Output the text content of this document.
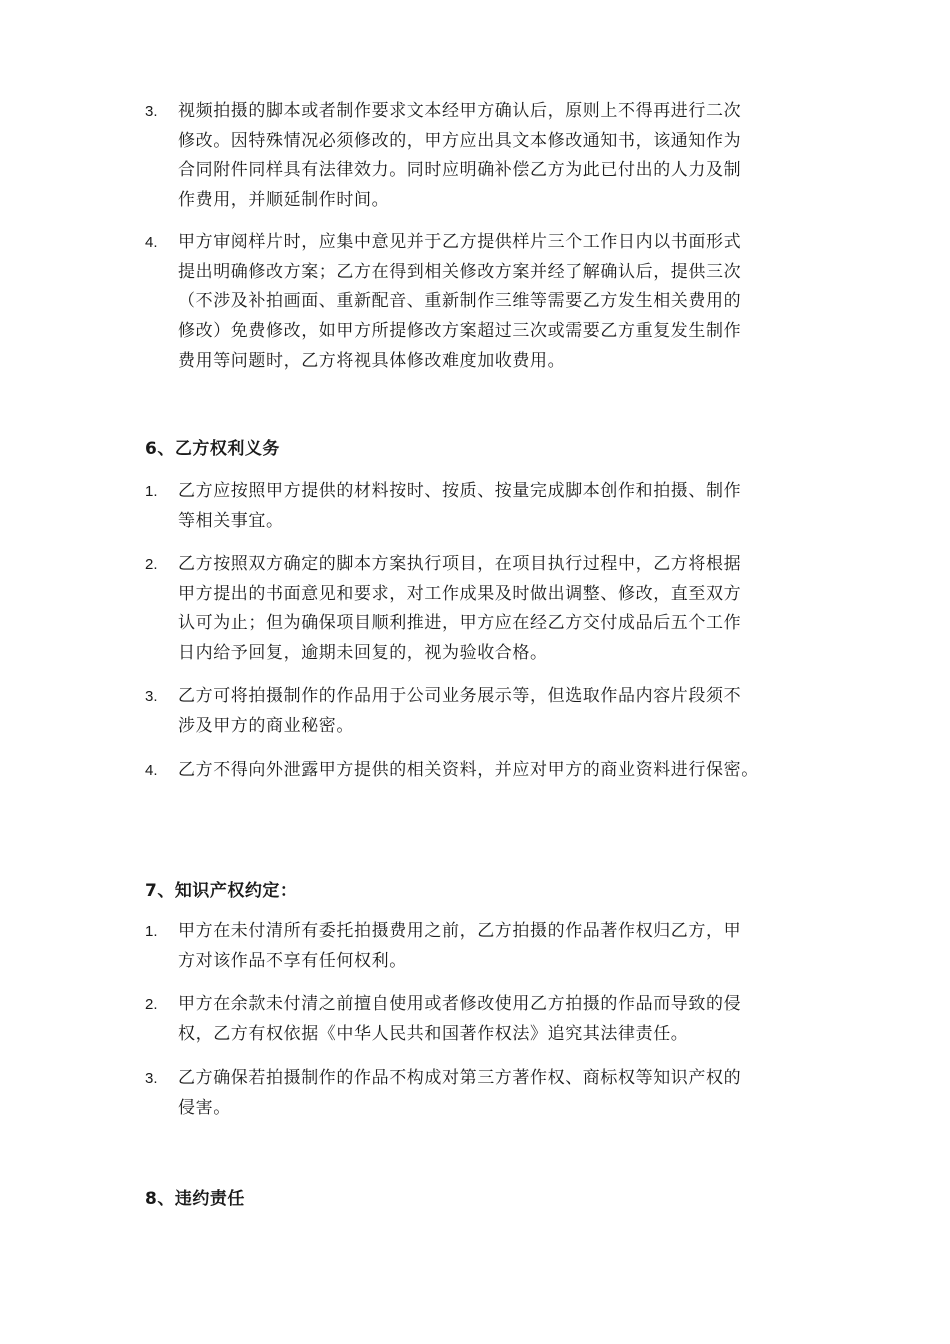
3. 视频拍摄的脚本或者制作要求文本经甲方确认后，原则上不得再进行二次
修改。因特殊情况必须修改的，甲方应出具文本修改通知书，该通知作为
合同附件同样具有法律效力。同时应明确补偿乙方为此已付出的人力及制
作费用，并顺延制作时间。
4. 甲方审阅样片时，应集中意见并于乙方提供样片三个工作日内以书面形式
提出明确修改方案；乙方在得到相关修改方案并经了解确认后，提供三次
（不涉及补拍画面、重新配音、重新制作三维等需要乙方发生相关费用的
修改）免费修改，如甲方所提修改方案超过三次或需要乙方重复发生制作
费用等问题时，乙方将视具体修改难度加收费用。
6、乙方权利义务
1. 乙方应按照甲方提供的材料按时、按质、按量完成脚本创作和拍摄、制作
等相关事宜。
2. 乙方按照双方确定的脚本方案执行项目，在项目执行过程中，乙方将根据
甲方提出的书面意见和要求，对工作成果及时做出调整、修改，直至双方
认可为止；但为确保项目顺利推进，甲方应在经乙方交付成品后五个工作
日内给予回复，逾期未回复的，视为验收合格。
3. 乙方可将拍摄制作的作品用于公司业务展示等，但选取作品内容片段须不
涉及甲方的商业秘密。
4. 乙方不得向外泄露甲方提供的相关资料，并应对甲方的商业资料进行保密。
7、知识产权约定：
1. 甲方在未付清所有委托拍摄费用之前，乙方拍摄的作品著作权归乙方，甲
方对该作品不享有任何权利。
2. 甲方在余款未付清之前擅自使用或者修改使用乙方拍摄的作品而导致的侵
权，乙方有权依据《中华人民共和国著作权法》追究其法律责任。
3. 乙方确保若拍摄制作的作品不构成对第三方著作权、商标权等知识产权的
侵害。
8、违约责任
